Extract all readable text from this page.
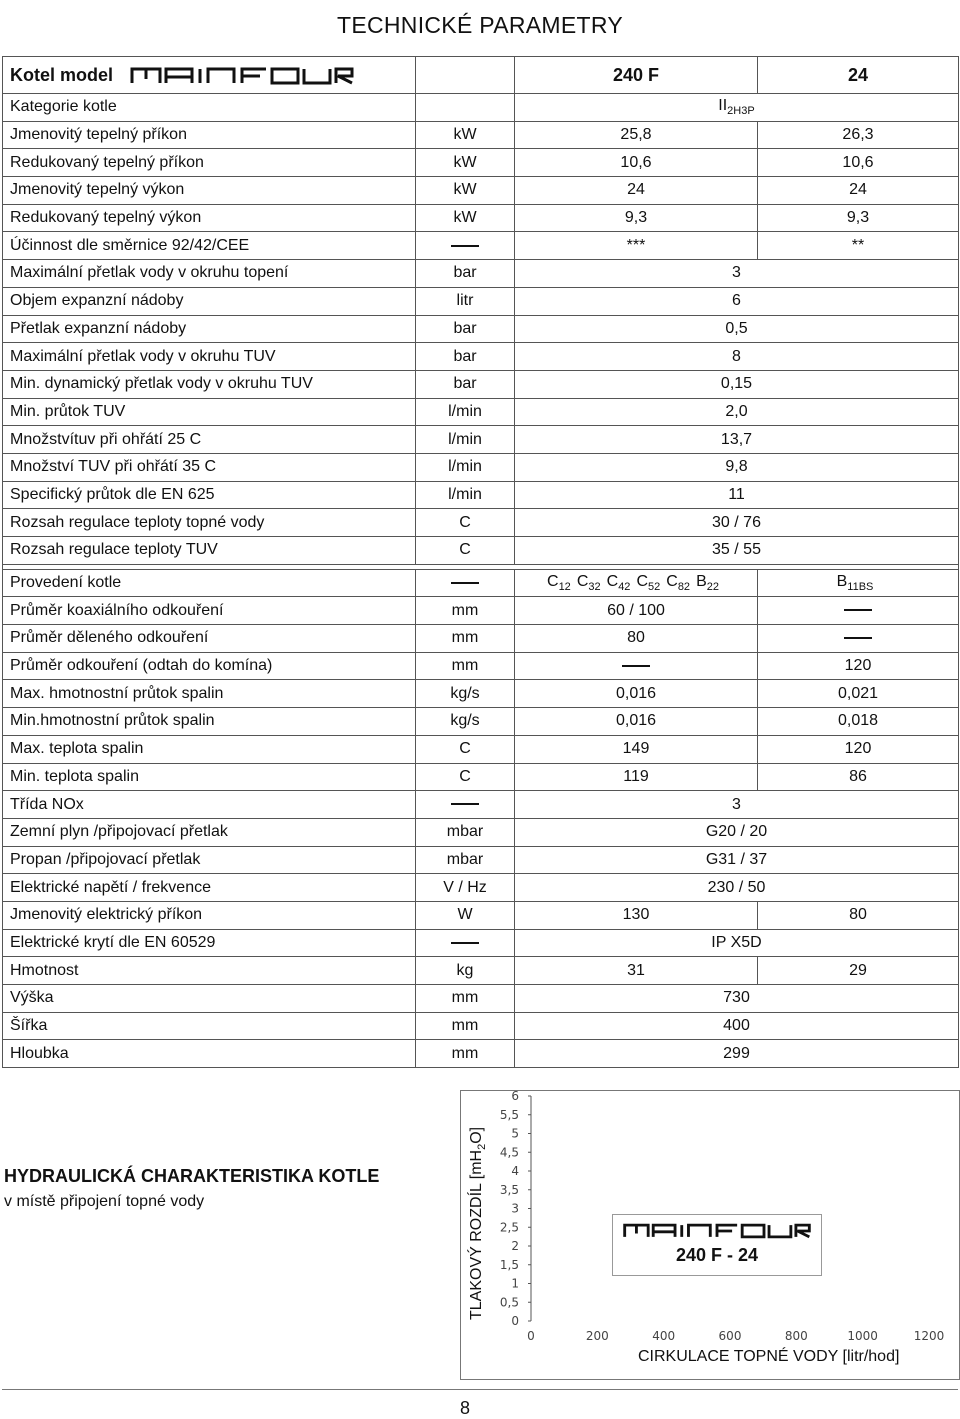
TECHNICKÉ PARAMETRY
Kotel model		240 F	24
Kategorie kotle		$II_{2H3P}$
Jmenovitý tepelný příkon	kW	25,8	26,3
Redukovaný tepelný příkon	kW	10,6	10,6
Jmenovitý tepelný výkon	kW	24	24
Redukovaný tepelný výkon	kW	9,3	9,3
Účinnost dle směrnice 92/42/CEE		***	**
Maximální přetlak vody v okruhu topení	bar	3	
Objem expanzní nádoby	litr	6	
Přetlak expanzní nádoby	bar	0,5	
Maximální přetlak vody v okruhu TUV	bar	8	
Min. dynamický přetlak vody v okruhu TUV	bar	0,15	
Min. průtok TUV	l/min	2,0	
Množstvítuv při ohřátí 25 C	l/min	13,7	
Množství TUV při ohřátí 35 C	l/min	9,8	
Specifický průtok dle EN 625	l/min	11	
Rozsah regulace teploty topné vody	C	30 / 76	
Rozsah regulace teploty TUV	C	35 / 55	

Provedení kotle		$C_{12}$ $C_{32}$ $C_{42}$ $C_{52}$ $C_{82}$ $B_{22}$	$B_{11BS}$
Průměr koaxiálního odkouření	mm	60 / 100	
Průměr děleného odkouření	mm	80	
Průměr odkouření (odtah do komína)	mm		120
Max. hmotnostní průtok spalin	kg/s	0,016	0,021
Min.hmotnostní průtok spalin	kg/s	0,016	0,018
Max. teplota spalin	C	149	120
Min. teplota spalin	C	119	86
Třída NOx		3	
Zemní plyn /připojovací přetlak	mbar	G20 / 20	
Propan /připojovací přetlak	mbar	G31 / 37	
Elektrické napětí / frekvence	V / Hz	230 / 50	
Jmenovitý elektrický příkon	W	130	80
Elektrické krytí dle EN 60529		IP X5D	
Hmotnost	kg	31	29
Výška	mm	730	
Šířka	mm	400	
Hloubka	mm	299	
HYDRAULICKÁ CHARAKTERISTIKA KOTLE
v místě připojení topné vody
0
0,5
1
1,5
2
2,5
3
3,5
4
4,5
5
5,5
6
0	200	400	600	800	1000	1200
TLAKOVÝ ROZDÍL $[mH_2O]$
CIRKULACE TOPNÉ VODY [litr/hod]
240 F - 24
8
